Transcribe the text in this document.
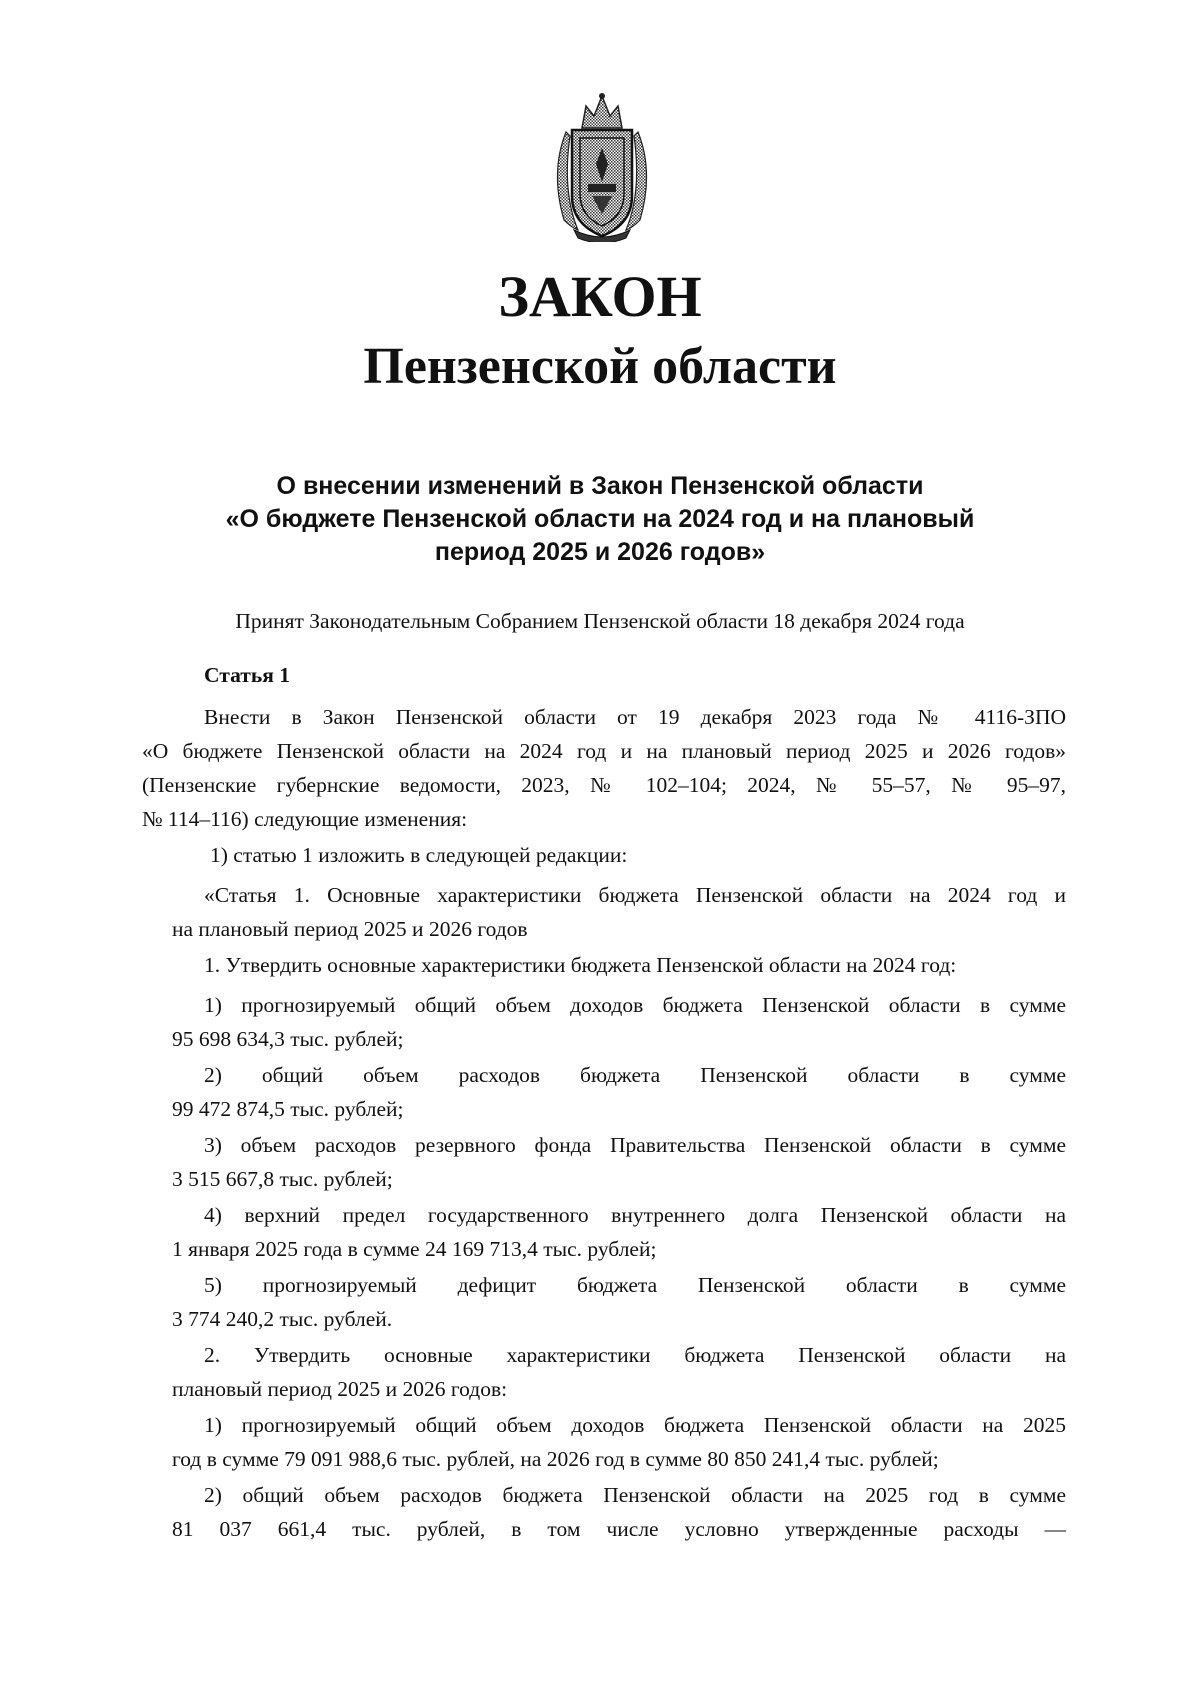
ЗАКОН
Пензенской области
О внесении изменений в Закон Пензенской области
«О бюджете Пензенской области на 2024 год и на плановый
период 2025 и 2026 годов»

Принят Законодательным Собранием Пензенской области 18 декабря 2024 года

Статья 1

Внести в Закон Пензенской области от 19 декабря 2023 года № 4116-ЗПО
«О бюджете Пензенской области на 2024 год и на плановый период 2025 и 2026 годов»
(Пензенские губернские ведомости, 2023, № 102–104; 2024, № 55–57, № 95–97,
№ 114–116) следующие изменения:
1) статью 1 изложить в следующей редакции:
«Статья 1. Основные характеристики бюджета Пензенской области на 2024 год и
на плановый период 2025 и 2026 годов
1. Утвердить основные характеристики бюджета Пензенской области на 2024 год:
1) прогнозируемый общий объем доходов бюджета Пензенской области в сумме
95 698 634,3 тыс. рублей;
2) общий объем расходов бюджета Пензенской области в сумме
99 472 874,5 тыс. рублей;
3) объем расходов резервного фонда Правительства Пензенской области в сумме
3 515 667,8 тыс. рублей;
4) верхний предел государственного внутреннего долга Пензенской области на
1 января 2025 года в сумме 24 169 713,4 тыс. рублей;
5) прогнозируемый дефицит бюджета Пензенской области в сумме
3 774 240,2 тыс. рублей.
2. Утвердить основные характеристики бюджета Пензенской области на
плановый период 2025 и 2026 годов:
1) прогнозируемый общий объем доходов бюджета Пензенской области на 2025
год в сумме 79 091 988,6 тыс. рублей, на 2026 год в сумме 80 850 241,4 тыс. рублей;
2) общий объем расходов бюджета Пензенской области на 2025 год в сумме
81 037 661,4 тыс. рублей, в том числе условно утвержденные расходы —
